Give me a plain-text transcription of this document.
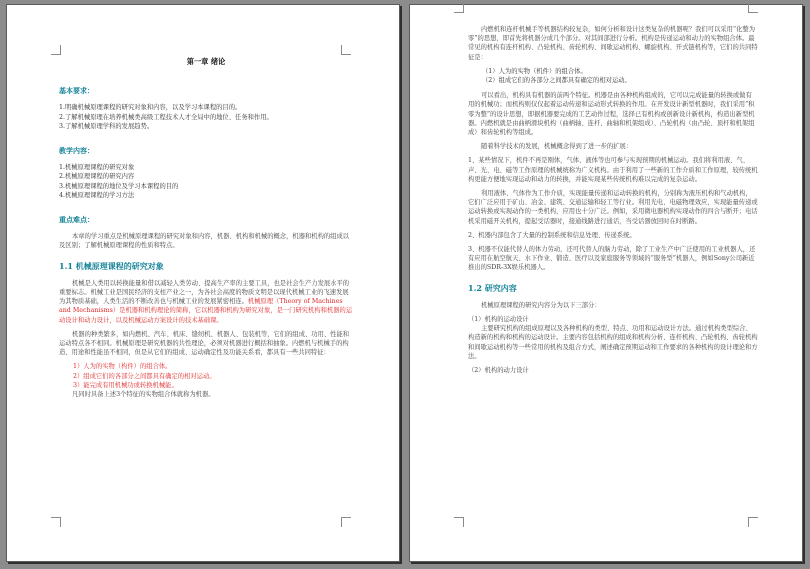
第一章 绪论
基本要求：
1.明确机械原理课程的研究对象和内容，以及学习本课程的目的。
2.了解机械原理在培养机械类高级工程技术人才全局中的地位、任务和作用。
3.了解机械原理学科的发展趋势。
教学内容：
1.机械原理课程的研究对象
2.机械原理课程的研究内容
3.机械原理课程的地位及学习本课程的目的
4.机械原理课程的学习方法
重点难点：
本章的学习重点是机械原理课程的研究对象和内容，机器、机构和机械的概念，机器和机构的组成以及区别；了解机械原理课程的性质和特点。
1.1 机械原理课程的研究对象
机械是人类用以转换能量和借以减轻人类劳动、提高生产率的主要工具，也是社会生产力发展水平的重要标志。机械工业是国民经济的支柱产业之一，为各社会高度的物质文明是以现代机械工业的飞速发展为其物质基础，人类生活的不断改善也与机械工业的发展紧密相连。机械原理（Theory of Machines and Mechanisms）是机器和机构理论的简称，它以机器和机构为研究对象，是一门研究机构和机器的运动设计和动力设计，以及机械运动方案设计的技术基础课。
机器的种类繁多，如内燃机、汽车、机床、缝纫机、机器人、包装机等，它们的组成、功用、性能和运动特点各不相同。机械原理是研究机器的共性理论，必须对机器进行概括和抽象。内燃机与机械手的构造、用途和性能虽不相同，但是从它们的组成、运动确定性及功能关系看，都具有一些共同特征：
1）人为的实物（构件）的组合体。
2）组成它们的各部分之间都具有确定的相对运动。
3）能完成有用机械功或转换机械能。
凡同时具备上述3个特征的实物组合体就称为机器。
内燃机和连杆机械手等机器结构较复杂，如何分析和设计这类复杂的机器呢？我们可以采用“化整为零”的思想，即首先将机器分成几个部分。对其间部进行分析。机构是传递运动和动力的实物组合体。最常见的机构有连杆机构、凸轮机构、齿轮机构、间歇运动机构、螺旋机构、开式链机构等，它们的共同特征是：
（1）人为的实物（机件）的组合体。
（2）组成它们的各部分之间都具有确定的相对运动。
可以看出，机构具有机器的前两个特征。机器是由各种机构组成的，它可以完成能量的转换或做有用的机械功；而机构则仅仅起着运动传递和运动形式转换的作用。在开发设计新型机器时，我们采用“积零为整”的设计思想，即据机器要完成的工艺动作过程，选择已有机构或创新设计新机构，构造出新型机器。内燃机就是由曲柄滑块机构（曲柄轴、连杆、曲轴和机架组成）、凸轮机构（由凸轮、顶杆和机架组成）和齿轮机构等组成。
随着科学技术的发展，机械概念得到了进一步的扩展：
1、某些情况下，机件不再是刚体，气体、液体等也可参与实现预期的机械运动。我们将利用液、气、声、光、电、磁等工作原理的机械统称为广义机构。由于利用了一些新的工作介质和工作原理，较传统机构更能方便地实现运动和动力的转换，并能实现某些传统机构难以完成的复杂运动。
利用液体、气体作为工作介质，实现能量传递和运动转换的机构，分别称为液压机构和气动机构，它们广泛应用于矿山、冶金、建筑、交通运输和轻工等行业。利用光电、电磁物理效应，实现能量传递或运动转换或实现动作的一类机构，应用也十分广泛。例如，采用微电器机构实现动作的四合与断开；电话机采用磁开关机构，提起受话器时，接通线路进行通话，当受话器放回时在时断路。
2、机器内部包含了大量的控制系统和信息处理、传递系统。
3、机器不仅能代替人的体力劳动，还可代替人的脑力劳动，除了工业生产中广泛使用的工业机器人，还有应用在航空航天、水下作业、锻造、医疗以及家庭服务等领域的“服务型”机器人，例如Sony公司新近推出的SDR-3X娱乐机器人。
1.2 研究内容
机械原理课程的研究内容分为以下三部分：
（1）机构的运动设计
主要研究机构的组成原理以及各种机构的类型、特点、功用和运动设计方法。通过机构类型综合、构造新的机构和机构的运动设计。主要内容包括机构的组成和机构分析、连杆机构、凸轮机构、齿轮机构和间歇运动机构等一些常用的机构及组合方式，阐述确定预期运动和工作要求的各种机构的设计理论和方法。
（2）机构的动力设计
